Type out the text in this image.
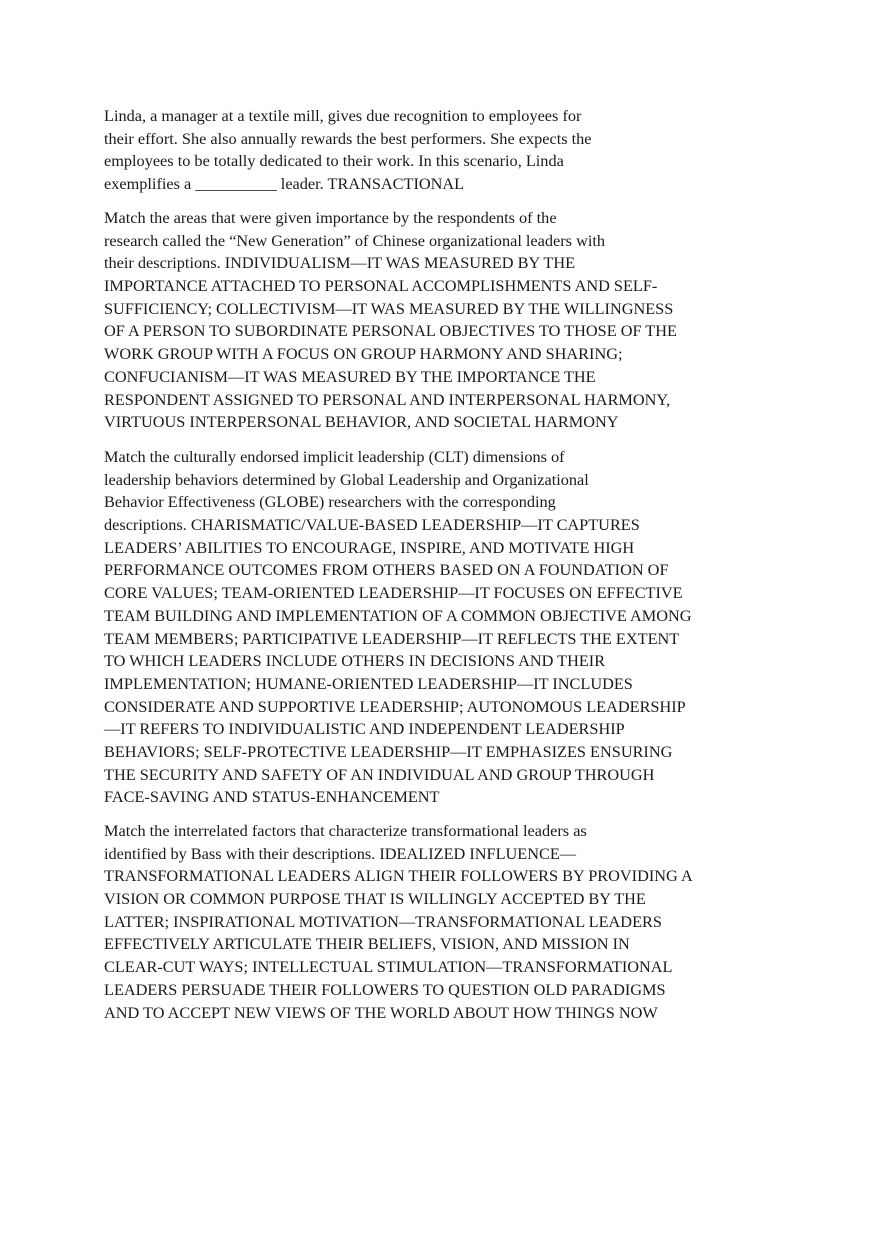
Linda, a manager at a textile mill, gives due recognition to employees for
their effort. She also annually rewards the best performers. She expects the
employees to be totally dedicated to their work. In this scenario, Linda
exemplifies a __________ leader. TRANSACTIONAL

Match the areas that were given importance by the respondents of the
research called the “New Generation” of Chinese organizational leaders with
their descriptions. INDIVIDUALISM—IT WAS MEASURED BY THE
IMPORTANCE ATTACHED TO PERSONAL ACCOMPLISHMENTS AND SELF-
SUFFICIENCY; COLLECTIVISM—IT WAS MEASURED BY THE WILLINGNESS
OF A PERSON TO SUBORDINATE PERSONAL OBJECTIVES TO THOSE OF THE
WORK GROUP WITH A FOCUS ON GROUP HARMONY AND SHARING;
CONFUCIANISM—IT WAS MEASURED BY THE IMPORTANCE THE
RESPONDENT ASSIGNED TO PERSONAL AND INTERPERSONAL HARMONY,
VIRTUOUS INTERPERSONAL BEHAVIOR, AND SOCIETAL HARMONY

Match the culturally endorsed implicit leadership (CLT) dimensions of
leadership behaviors determined by Global Leadership and Organizational
Behavior Effectiveness (GLOBE) researchers with the corresponding
descriptions. CHARISMATIC/VALUE-BASED LEADERSHIP—IT CAPTURES
LEADERS’ ABILITIES TO ENCOURAGE, INSPIRE, AND MOTIVATE HIGH
PERFORMANCE OUTCOMES FROM OTHERS BASED ON A FOUNDATION OF
CORE VALUES; TEAM-ORIENTED LEADERSHIP—IT FOCUSES ON EFFECTIVE
TEAM BUILDING AND IMPLEMENTATION OF A COMMON OBJECTIVE AMONG
TEAM MEMBERS; PARTICIPATIVE LEADERSHIP—IT REFLECTS THE EXTENT
TO WHICH LEADERS INCLUDE OTHERS IN DECISIONS AND THEIR
IMPLEMENTATION; HUMANE-ORIENTED LEADERSHIP—IT INCLUDES
CONSIDERATE AND SUPPORTIVE LEADERSHIP; AUTONOMOUS LEADERSHIP
—IT REFERS TO INDIVIDUALISTIC AND INDEPENDENT LEADERSHIP
BEHAVIORS; SELF-PROTECTIVE LEADERSHIP—IT EMPHASIZES ENSURING
THE SECURITY AND SAFETY OF AN INDIVIDUAL AND GROUP THROUGH
FACE-SAVING AND STATUS-ENHANCEMENT

Match the interrelated factors that characterize transformational leaders as
identified by Bass with their descriptions. IDEALIZED INFLUENCE—
TRANSFORMATIONAL LEADERS ALIGN THEIR FOLLOWERS BY PROVIDING A
VISION OR COMMON PURPOSE THAT IS WILLINGLY ACCEPTED BY THE
LATTER; INSPIRATIONAL MOTIVATION—TRANSFORMATIONAL LEADERS
EFFECTIVELY ARTICULATE THEIR BELIEFS, VISION, AND MISSION IN
CLEAR-CUT WAYS; INTELLECTUAL STIMULATION—TRANSFORMATIONAL
LEADERS PERSUADE THEIR FOLLOWERS TO QUESTION OLD PARADIGMS
AND TO ACCEPT NEW VIEWS OF THE WORLD ABOUT HOW THINGS NOW
